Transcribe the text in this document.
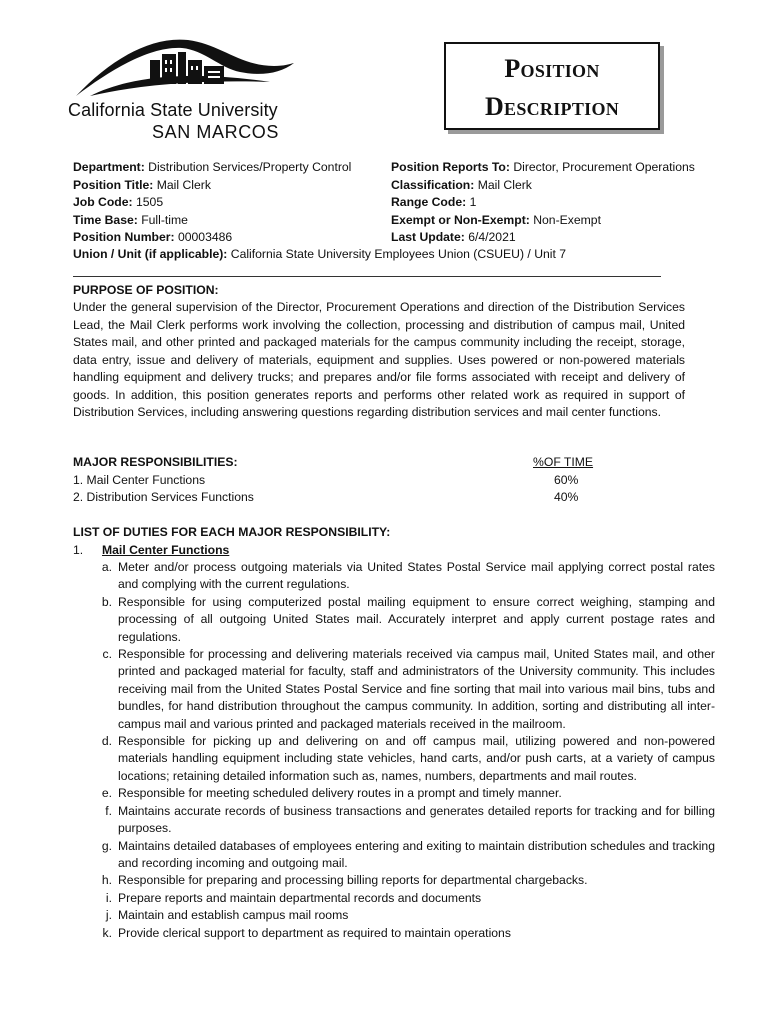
California State University
SAN MARCOS
Position
Description
Department: Distribution Services/Property Control
Position Title: Mail Clerk
Job Code: 1505
Time Base: Full-time
Position Number: 00003486
Position Reports To: Director, Procurement Operations
Classification: Mail Clerk
Range Code: 1
Exempt or Non-Exempt: Non-Exempt
Last Update: 6/4/2021
Union / Unit (if applicable): California State University Employees Union (CSUEU) / Unit 7
PURPOSE OF POSITION:
Under the general supervision of the Director, Procurement Operations and direction of the Distribution Services Lead, the Mail Clerk performs work involving the collection, processing and distribution of campus mail, United States mail, and other printed and packaged materials for the campus community including the receipt, storage, data entry, issue and delivery of materials, equipment and supplies. Uses powered or non-powered materials handling equipment and delivery trucks; and prepares and/or file forms associated with receipt and delivery of goods. In addition, this position generates reports and performs other related work as required in support of Distribution Services, including answering questions regarding distribution services and mail center functions.
MAJOR RESPONSIBILITIES:	%OF TIME
1. Mail Center Functions	60%
2. Distribution Services Functions	40%
LIST OF DUTIES FOR EACH MAJOR RESPONSIBILITY:
1. Mail Center Functions
a. Meter and/or process outgoing materials via United States Postal Service mail applying correct postal rates and complying with the current regulations.
b. Responsible for using computerized postal mailing equipment to ensure correct weighing, stamping and processing of all outgoing United States mail. Accurately interpret and apply current postage rates and regulations.
c. Responsible for processing and delivering materials received via campus mail, United States mail, and other printed and packaged material for faculty, staff and administrators of the University community. This includes receiving mail from the United States Postal Service and fine sorting that mail into various mail bins, tubs and bundles, for hand distribution throughout the campus community. In addition, sorting and distributing all inter-campus mail and various printed and packaged materials received in the mailroom.
d. Responsible for picking up and delivering on and off campus mail, utilizing powered and non-powered materials handling equipment including state vehicles, hand carts, and/or push carts, at a variety of campus locations; retaining detailed information such as, names, numbers, departments and mail routes.
e. Responsible for meeting scheduled delivery routes in a prompt and timely manner.
f. Maintains accurate records of business transactions and generates detailed reports for tracking and for billing purposes.
g. Maintains detailed databases of employees entering and exiting to maintain distribution schedules and tracking and recording incoming and outgoing mail.
h. Responsible for preparing and processing billing reports for departmental chargebacks.
i. Prepare reports and maintain departmental records and documents
j. Maintain and establish campus mail rooms
k. Provide clerical support to department as required to maintain operations
